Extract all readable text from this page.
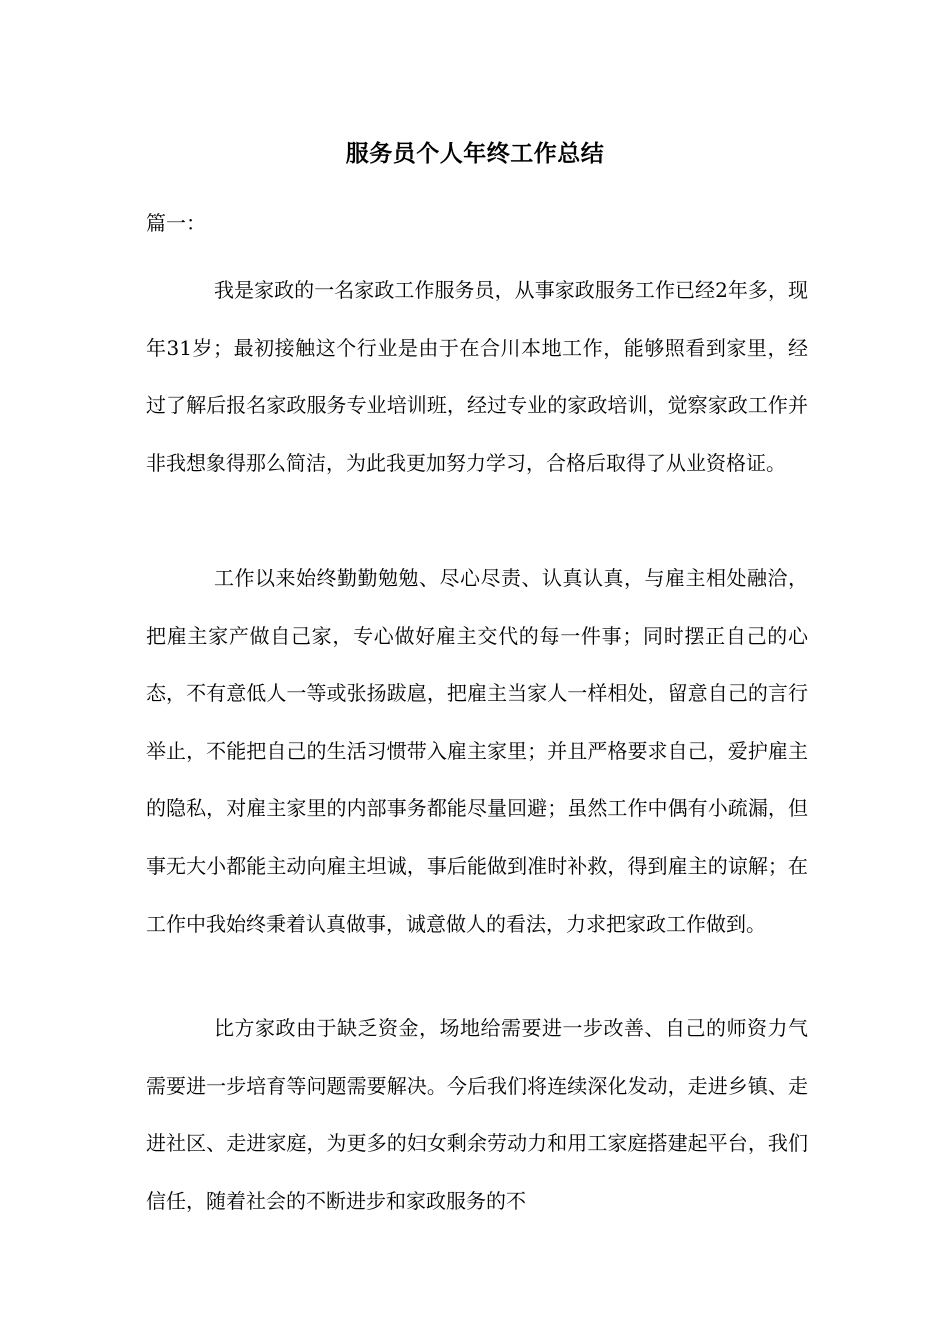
服务员个人年终工作总结
篇一：

我是家政的一名家政工作服务员，从事家政服务工作已经2年多，现年31岁；最初接触这个行业是由于在合川本地工作，能够照看到家里，经过了解后报名家政服务专业培训班，经过专业的家政培训，觉察家政工作并非我想象得那么简洁，为此我更加努力学习，合格后取得了从业资格证。

工作以来始终勤勤勉勉、尽心尽责、认真认真，与雇主相处融洽，把雇主家产做自己家，专心做好雇主交代的每一件事；同时摆正自己的心态，不有意低人一等或张扬跋扈，把雇主当家人一样相处，留意自己的言行举止，不能把自己的生活习惯带入雇主家里；并且严格要求自己，爱护雇主的隐私，对雇主家里的内部事务都能尽量回避；虽然工作中偶有小疏漏，但事无大小都能主动向雇主坦诚，事后能做到准时补救，得到雇主的谅解；在工作中我始终秉着认真做事，诚意做人的看法，力求把家政工作做到。

比方家政由于缺乏资金，场地给需要进一步改善、自己的师资力气需要进一步培育等问题需要解决。今后我们将连续深化发动，走进乡镇、走进社区、走进家庭，为更多的妇女剩余劳动力和用工家庭搭建起平台，我们信任，随着社会的不断进步和家政服务的不
